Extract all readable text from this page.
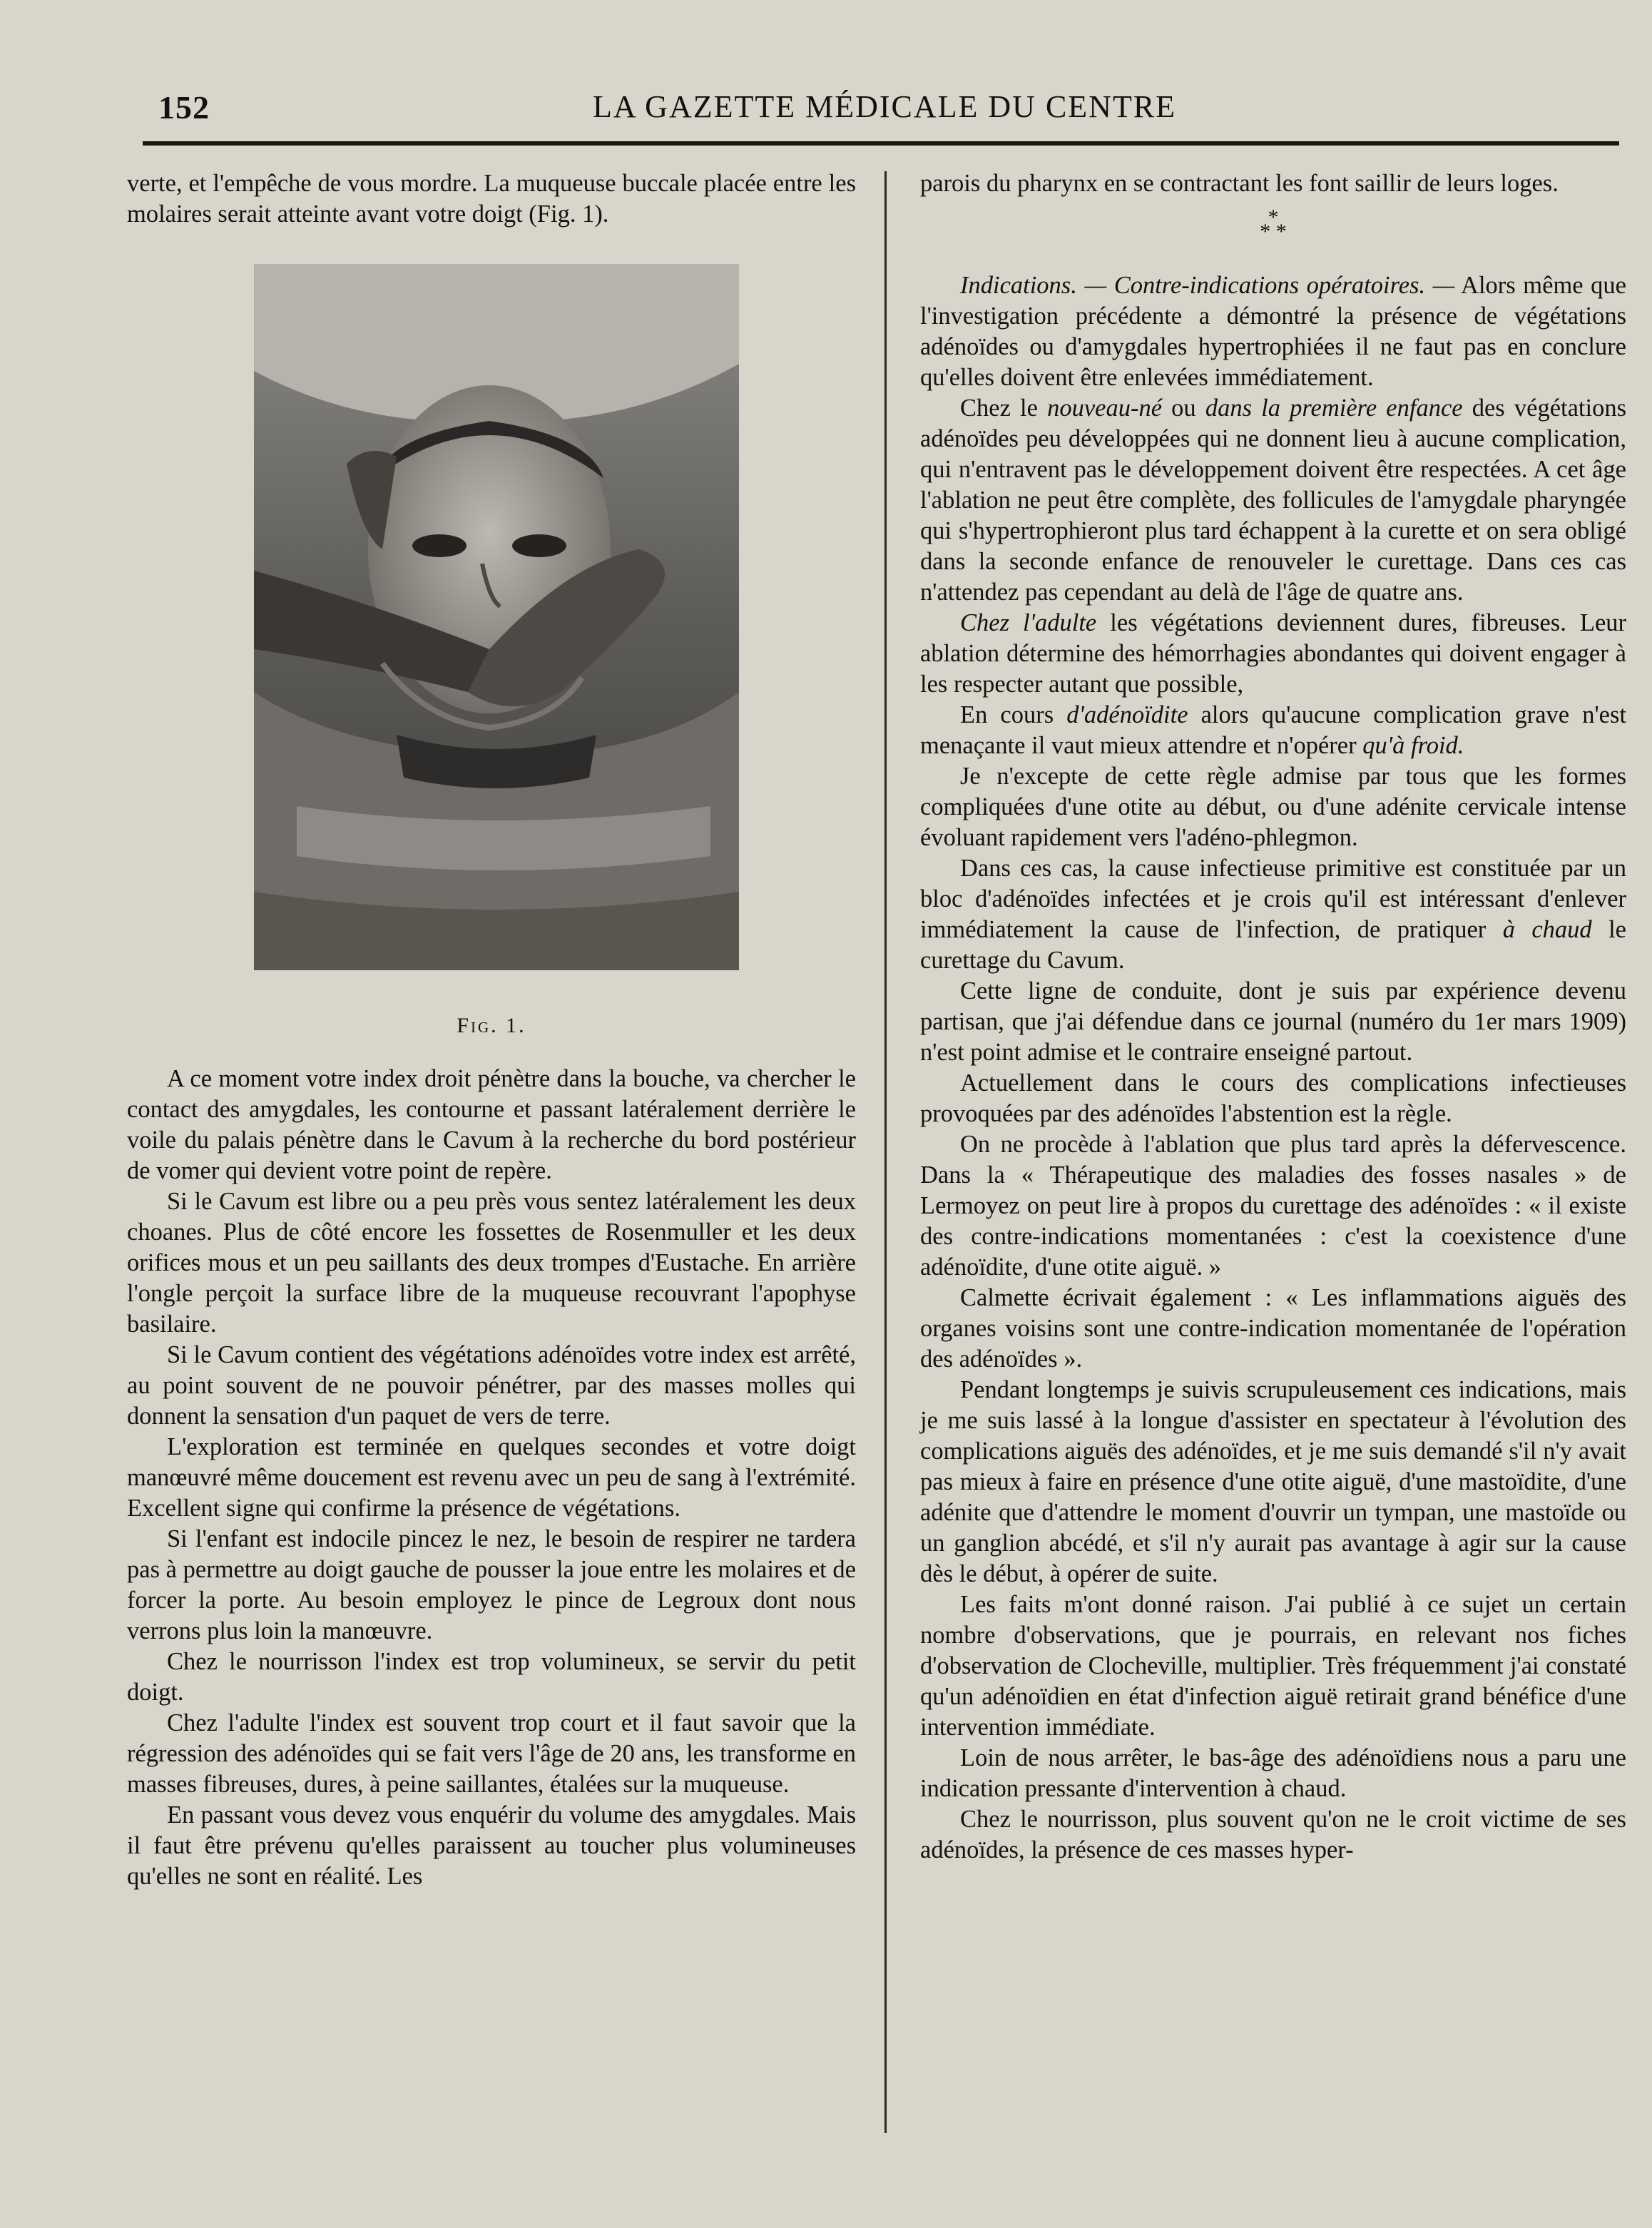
152	LA GAZETTE MÉDICALE DU CENTRE

verte, et l'empêche de vous mordre. La muqueuse buccale placée entre les molaires serait atteinte avant votre doigt (Fig. 1).

Fig. 1.

A ce moment votre index droit pénètre dans la bouche, va chercher le contact des amygdales, les contourne et passant latéralement derrière le voile du palais pénètre dans le Cavum à la recherche du bord postérieur de vomer qui devient votre point de repère.

Si le Cavum est libre ou a peu près vous sentez latéralement les deux choanes. Plus de côté encore les fossettes de Rosenmuller et les deux orifices mous et un peu saillants des deux trompes d'Eustache. En arrière l'ongle perçoit la surface libre de la muqueuse recouvrant l'apophyse basilaire.

Si le Cavum contient des végétations adénoïdes votre index est arrêté, au point souvent de ne pouvoir pénétrer, par des masses molles qui donnent la sensation d'un paquet de vers de terre.

L'exploration est terminée en quelques secondes et votre doigt manœuvré même doucement est revenu avec un peu de sang à l'extrémité. Excellent signe qui confirme la présence de végétations.

Si l'enfant est indocile pincez le nez, le besoin de respirer ne tardera pas à permettre au doigt gauche de pousser la joue entre les molaires et de forcer la porte. Au besoin employez le pince de Legroux dont nous verrons plus loin la manœuvre.

Chez le nourrisson l'index est trop volumineux, se servir du petit doigt.

Chez l'adulte l'index est souvent trop court et il faut savoir que la régression des adénoïdes qui se fait vers l'âge de 20 ans, les transforme en masses fibreuses, dures, à peine saillantes, étalées sur la muqueuse.

En passant vous devez vous enquérir du volume des amygdales. Mais il faut être prévenu qu'elles paraissent au toucher plus volumineuses qu'elles ne sont en réalité. Les

parois du pharynx en se contractant les font saillir de leurs loges.

*
* *

Indications. — Contre-indications opératoires. — Alors même que l'investigation précédente a démontré la présence de végétations adénoïdes ou d'amygdales hypertrophiées il ne faut pas en conclure qu'elles doivent être enlevées immédiatement.

Chez le nouveau-né ou dans la première enfance des végétations adénoïdes peu développées qui ne donnent lieu à aucune complication, qui n'entravent pas le développement doivent être respectées. A cet âge l'ablation ne peut être complète, des follicules de l'amygdale pharyngée qui s'hypertrophieront plus tard échappent à la curette et on sera obligé dans la seconde enfance de renouveler le curettage. Dans ces cas n'attendez pas cependant au delà de l'âge de quatre ans.

Chez l'adulte les végétations deviennent dures, fibreuses. Leur ablation détermine des hémorrhagies abondantes qui doivent engager à les respecter autant que possible,

En cours d'adénoïdite alors qu'aucune complication grave n'est menaçante il vaut mieux attendre et n'opérer qu'à froid.

Je n'excepte de cette règle admise par tous que les formes compliquées d'une otite au début, ou d'une adénite cervicale intense évoluant rapidement vers l'adéno-phlegmon.

Dans ces cas, la cause infectieuse primitive est constituée par un bloc d'adénoïdes infectées et je crois qu'il est intéressant d'enlever immédiatement la cause de l'infection, de pratiquer à chaud le curettage du Cavum.

Cette ligne de conduite, dont je suis par expérience devenu partisan, que j'ai défendue dans ce journal (numéro du 1er mars 1909) n'est point admise et le contraire enseigné partout.

Actuellement dans le cours des complications infectieuses provoquées par des adénoïdes l'abstention est la règle.

On ne procède à l'ablation que plus tard après la défervescence. Dans la « Thérapeutique des maladies des fosses nasales » de Lermoyez on peut lire à propos du curettage des adénoïdes : « il existe des contre-indications momentanées : c'est la coexistence d'une adénoïdite, d'une otite aiguë. »

Calmette écrivait également : « Les inflammations aiguës des organes voisins sont une contre-indication momentanée de l'opération des adénoïdes ».

Pendant longtemps je suivis scrupuleusement ces indications, mais je me suis lassé à la longue d'assister en spectateur à l'évolution des complications aiguës des adénoïdes, et je me suis demandé s'il n'y avait pas mieux à faire en présence d'une otite aiguë, d'une mastoïdite, d'une adénite que d'attendre le moment d'ouvrir un tympan, une mastoïde ou un ganglion abcédé, et s'il n'y aurait pas avantage à agir sur la cause dès le début, à opérer de suite.

Les faits m'ont donné raison. J'ai publié à ce sujet un certain nombre d'observations, que je pourrais, en relevant nos fiches d'observation de Clocheville, multiplier. Très fréquemment j'ai constaté qu'un adénoïdien en état d'infection aiguë retirait grand bénéfice d'une intervention immédiate.

Loin de nous arrêter, le bas-âge des adénoïdiens nous a paru une indication pressante d'intervention à chaud.

Chez le nourrisson, plus souvent qu'on ne le croit victime de ses adénoïdes, la présence de ces masses hyper-
